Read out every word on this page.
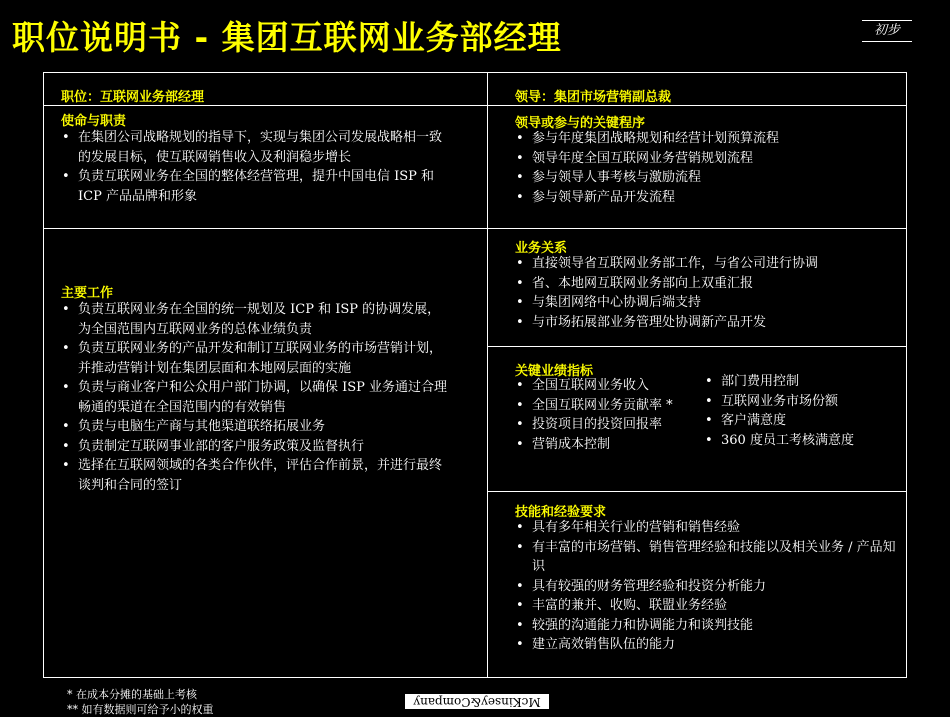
职位说明书 - 集团互联网业务部经理	初步
职位：互联网业务部经理	领导：集团市场营销副总裁
使命与职责
• 在集团公司战略规划的指导下，实现与集团公司发展战略相一致的发展目标，使互联网销售收入及利润稳步增长
• 负责互联网业务在全国的整体经营管理，提升中国电信 ISP 和 ICP 产品品牌和形象
主要工作
• 负责互联网业务在全国的统一规划及 ICP 和 ISP 的协调发展，为全国范围内互联网业务的总体业绩负责
• 负责互联网业务的产品开发和制订互联网业务的市场营销计划，并推动营销计划在集团层面和本地网层面的实施
• 负责与商业客户和公众用户部门协调，以确保 ISP 业务通过合理畅通的渠道在全国范围内的有效销售
• 负责与电脑生产商与其他渠道联络拓展业务
• 负责制定互联网事业部的客户服务政策及监督执行
• 选择在互联网领域的各类合作伙伴，评估合作前景，并进行最终谈判和合同的签订
领导或参与的关键程序
• 参与年度集团战略规划和经营计划预算流程
• 领导年度全国互联网业务营销规划流程
• 参与领导人事考核与激励流程
• 参与领导新产品开发流程
业务关系
• 直接领导省互联网业务部工作，与省公司进行协调
• 省、本地网互联网业务部向上双重汇报
• 与集团网络中心协调后端支持
• 与市场拓展部业务管理处协调新产品开发
关键业绩指标
• 全国互联网业务收入
• 全国互联网业务贡献率 *
• 投资项目的投资回报率
• 营销成本控制
• 部门费用控制
• 互联网业务市场份额
• 客户满意度
• 360 度员工考核满意度
技能和经验要求
• 具有多年相关行业的营销和销售经验
• 有丰富的市场营销、销售管理经验和技能以及相关业务 / 产品知识
• 具有较强的财务管理经验和投资分析能力
• 丰富的兼并、收购、联盟业务经验
• 较强的沟通能力和协调能力和谈判技能
• 建立高效销售队伍的能力
* 在成本分摊的基础上考核
** 如有数据则可给予小的权重
McKinsey&Company
